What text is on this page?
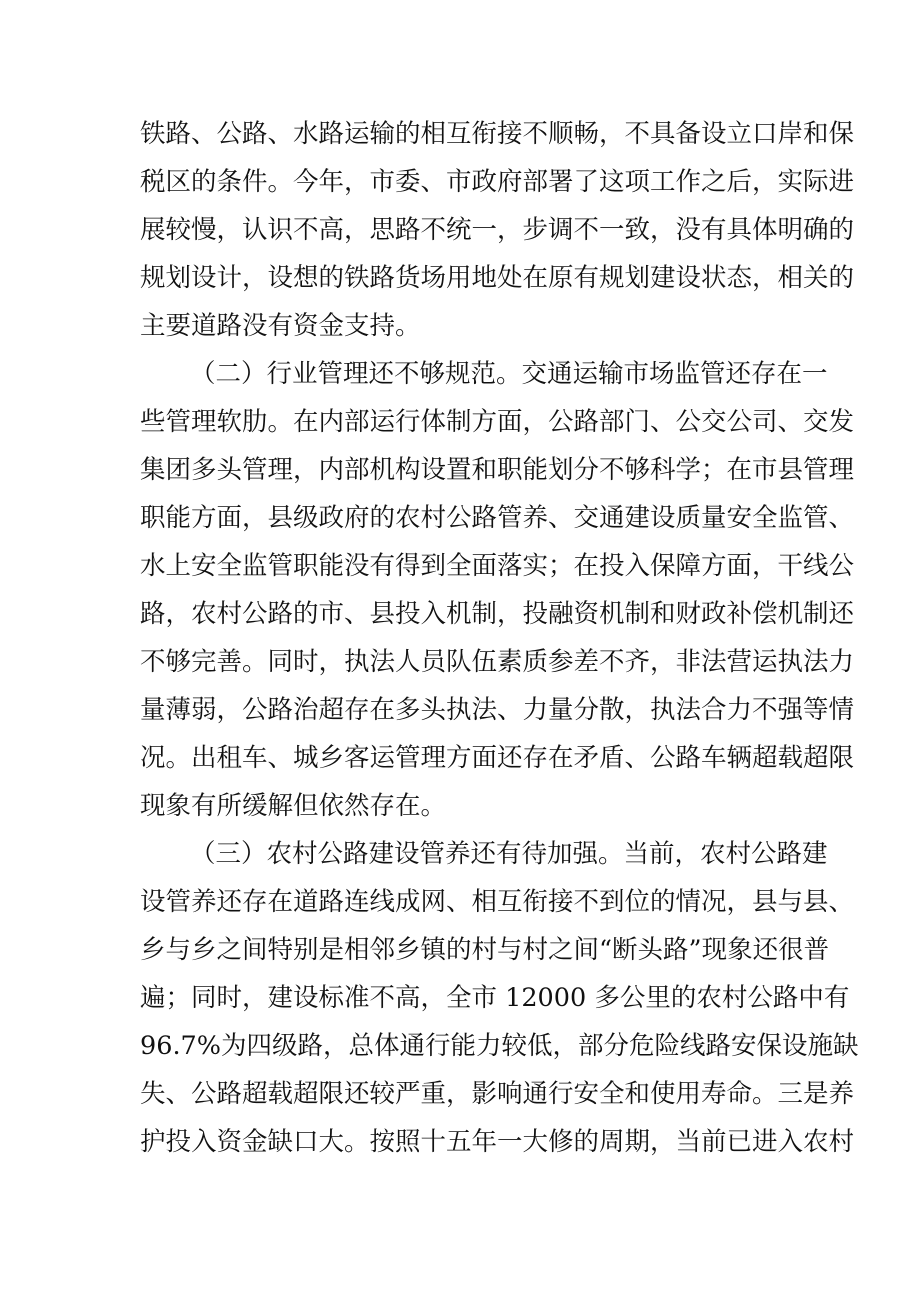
铁路、公路、水路运输的相互衔接不顺畅，不具备设立口岸和保
税区的条件。今年，市委、市政府部署了这项工作之后，实际进
展较慢，认识不高，思路不统一，步调不一致，没有具体明确的
规划设计，设想的铁路货场用地处在原有规划建设状态，相关的
主要道路没有资金支持。
（二）行业管理还不够规范。交通运输市场监管还存在一
些管理软肋。在内部运行体制方面，公路部门、公交公司、交发
集团多头管理，内部机构设置和职能划分不够科学；在市县管理
职能方面，县级政府的农村公路管养、交通建设质量安全监管、
水上安全监管职能没有得到全面落实；在投入保障方面，干线公
路，农村公路的市、县投入机制，投融资机制和财政补偿机制还
不够完善。同时，执法人员队伍素质参差不齐，非法营运执法力
量薄弱，公路治超存在多头执法、力量分散，执法合力不强等情
况。出租车、城乡客运管理方面还存在矛盾、公路车辆超载超限
现象有所缓解但依然存在。
（三）农村公路建设管养还有待加强。当前，农村公路建
设管养还存在道路连线成网、相互衔接不到位的情况，县与县、
乡与乡之间特别是相邻乡镇的村与村之间“断头路”现象还很普
遍；同时，建设标准不高，全市 12000 多公里的农村公路中有
96.7%为四级路，总体通行能力较低，部分危险线路安保设施缺
失、公路超载超限还较严重，影响通行安全和使用寿命。三是养
护投入资金缺口大。按照十五年一大修的周期，当前已进入农村
